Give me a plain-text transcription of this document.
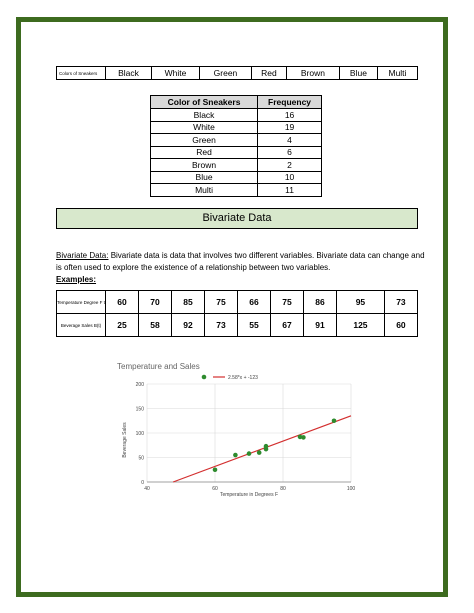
Colors of Sneakers	Black	White	Green	Red	Brown	Blue	Multi
Color of Sneakers	Frequency
Black	16
White	19
Green	4
Red	6
Brown	2
Blue	10
Multi	11
Bivariate Data
Bivariate Data: Bivariate data is data that involves two different variables. Bivariate data can change and is often used to explore the existence of a relationship between two variables.
Examples:
Temperature Degree F t	60	70	85	75	66	75	86	95	73
Beverage Sales B(t)	25	58	92	73	55	67	91	125	60
Temperature and Sales
2.58*x + -123
0
50
100
150
200
40	60	80	100
Beverage Sales
Temperature in Degrees F
